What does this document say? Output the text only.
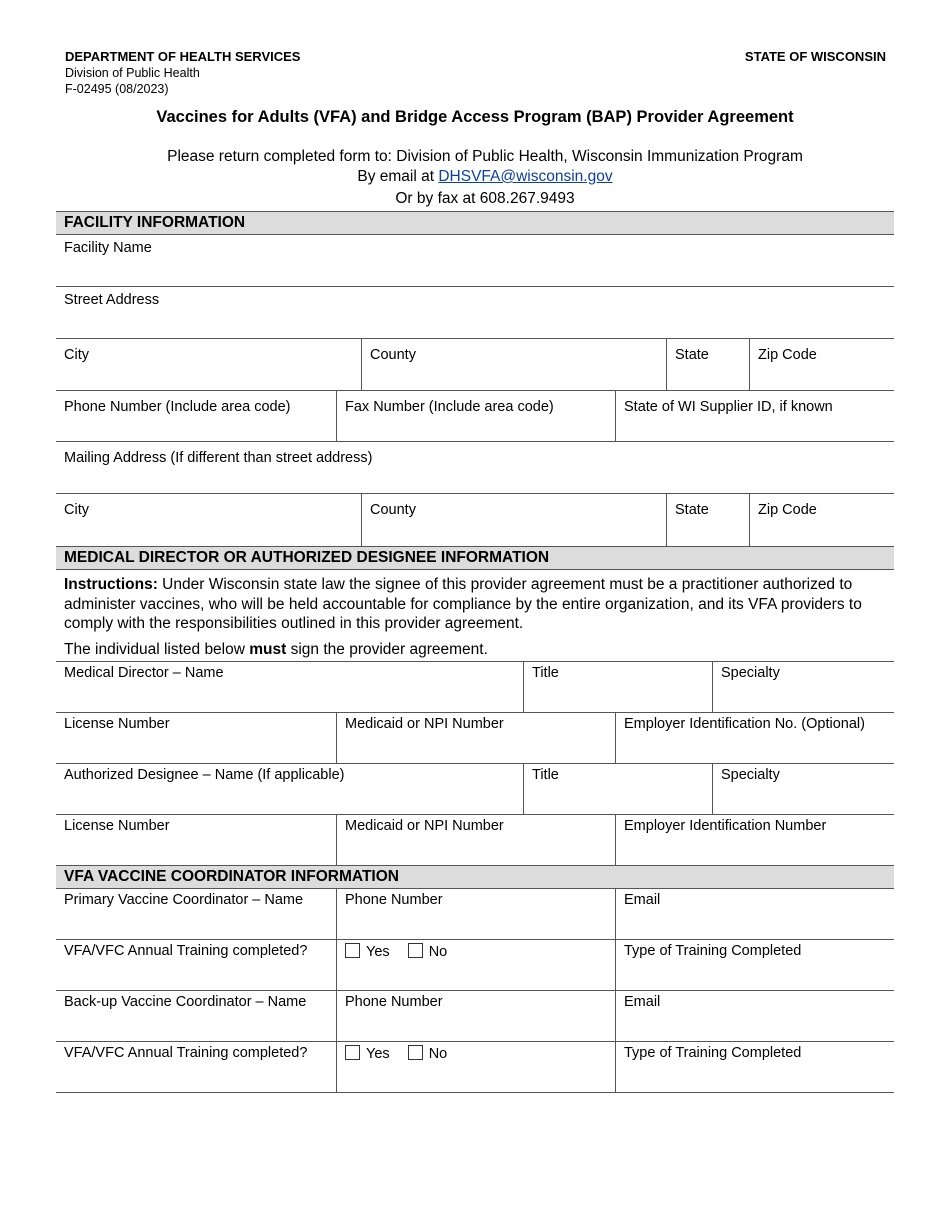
DEPARTMENT OF HEALTH SERVICES
Division of Public Health
F-02495 (08/2023)
STATE OF WISCONSIN
Vaccines for Adults (VFA) and Bridge Access Program (BAP) Provider Agreement
Please return completed form to: Division of Public Health, Wisconsin Immunization Program
By email at DHSVFA@wisconsin.gov
Or by fax at 608.267.9493
FACILITY INFORMATION
Facility Name
Street Address
City	County	State	Zip Code
Phone Number (Include area code)	Fax Number (Include area code)	State of WI Supplier ID, if known
Mailing Address (If different than street address)
City	County	State	Zip Code
MEDICAL DIRECTOR OR AUTHORIZED DESIGNEE INFORMATION
Instructions: Under Wisconsin state law the signee of this provider agreement must be a practitioner authorized to administer vaccines, who will be held accountable for compliance by the entire organization, and its VFA providers to comply with the responsibilities outlined in this provider agreement.
The individual listed below must sign the provider agreement.
Medical Director – Name	Title	Specialty
License Number	Medicaid or NPI Number	Employer Identification No. (Optional)
Authorized Designee – Name (If applicable)	Title	Specialty
License Number	Medicaid or NPI Number	Employer Identification Number
VFA VACCINE COORDINATOR INFORMATION
Primary Vaccine Coordinator – Name	Phone Number	Email
VFA/VFC Annual Training completed?	Yes	No	Type of Training Completed
Back-up Vaccine Coordinator – Name	Phone Number	Email
VFA/VFC Annual Training completed?	Yes	No	Type of Training Completed
